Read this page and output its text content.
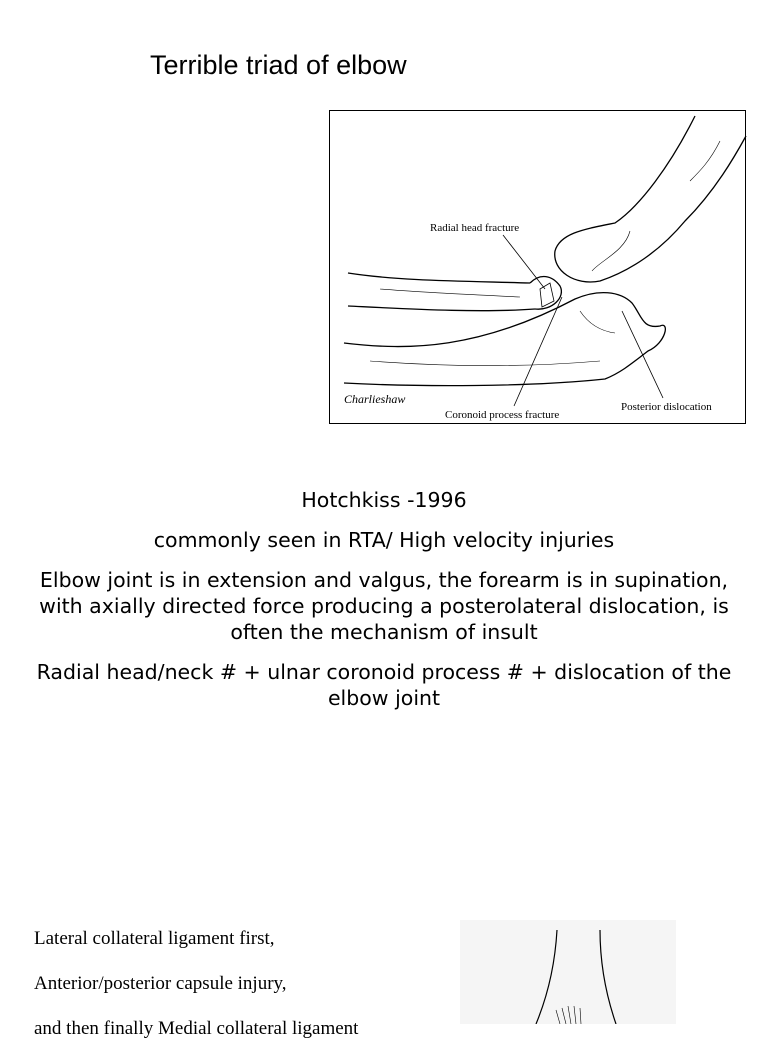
Terrible triad of elbow
Radial head fracture
Coronoid process fracture
Posterior dislocation
Charlieshaw
Hotchkiss -1996
commonly seen in RTA/ High velocity injuries
Elbow joint is in extension and valgus, the forearm is in supination, with axially directed force producing a posterolateral dislocation, is often the mechanism of insult
Radial head/neck # + ulnar coronoid process # + dislocation of the elbow joint

Lateral collateral ligament first,

Anterior/posterior capsule injury,

and then finally Medial collateral ligament
